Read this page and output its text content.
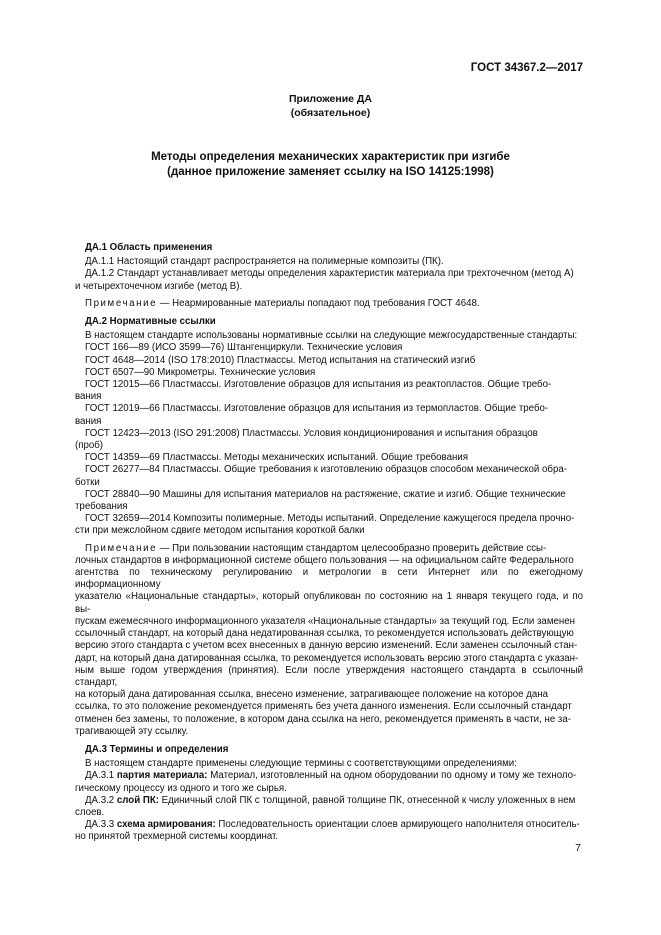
ГОСТ 34367.2—2017
Приложение ДА
(обязательное)
Методы определения механических характеристик при изгибе
(данное приложение заменяет ссылку на ISO 14125:1998)

ДА.1 Область применения

ДА.1.1 Настоящий стандарт распространяется на полимерные композиты (ПК).

ДА.1.2 Стандарт устанавливает методы определения характеристик материала при трехточечном (метод А)

и четырехточечном изгибе (метод В).

Примечание — Неармированные материалы попадают под требования ГОСТ 4648.

ДА.2 Нормативные ссылки

В настоящем стандарте использованы нормативные ссылки на следующие межгосударственные стандарты:

ГОСТ 166—89 (ИСО 3599—76) Штангенциркули. Технические условия

ГОСТ 4648—2014 (ISO 178:2010) Пластмассы. Метод испытания на статический изгиб

ГОСТ 6507—90 Микрометры. Технические условия

ГОСТ 12015—66 Пластмассы. Изготовление образцов для испытания из реактопластов. Общие требо-

вания

ГОСТ 12019—66 Пластмассы. Изготовление образцов для испытания из термопластов. Общие требо-

вания

ГОСТ 12423—2013 (ISO 291:2008) Пластмассы. Условия кондиционирования и испытания образцов

(проб)

ГОСТ 14359—69 Пластмассы. Методы механических испытаний. Общие требования

ГОСТ 26277—84 Пластмассы. Общие требования к изготовлению образцов способом механической обра-

ботки

ГОСТ 28840—90 Машины для испытания материалов на растяжение, сжатие и изгиб. Общие технические

требования

ГОСТ 32659—2014 Композиты полимерные. Методы испытаний. Определение кажущегося предела прочно-

сти при межслойном сдвиге методом испытания короткой балки

Примечание — При пользовании настоящим стандартом целесообразно проверить действие ссы-
лочных стандартов в информационной системе общего пользования — на официальном сайте Федерального
агентства по техническому регулированию и метрологии в сети Интернет или по ежегодному информационному
указателю «Национальные стандарты», который опубликован по состоянию на 1 января текущего года, и по вы-
пускам ежемесячного информационного указателя «Национальные стандарты» за текущий год. Если заменен
ссылочный стандарт, на который дана недатированная ссылка, то рекомендуется использовать действующую
версию этого стандарта с учетом всех внесенных в данную версию изменений. Если заменен ссылочный стан-
дарт, на который дана датированная ссылка, то рекомендуется использовать версию этого стандарта с указан-
ным выше годом утверждения (принятия). Если после утверждения настоящего стандарта в ссылочный стандарт,
на который дана датированная ссылка, внесено изменение, затрагивающее положение на которое дана
ссылка, то это положение рекомендуется применять без учета данного изменения. Если ссылочный стандарт
отменен без замены, то положение, в котором дана ссылка на него, рекомендуется применять в части, не за-
трагивающей эту ссылку.

ДА.3 Термины и определения

В настоящем стандарте применены следующие термины с соответствующими определениями:

ДА.3.1 партия материала: Материал, изготовленный на одном оборудовании по одному и тому же техноло-

гическому процессу из одного и того же сырья.

ДА.3.2 слой ПК: Единичный слой ПК с толщиной, равной толщине ПК, отнесенной к числу уложенных в нем

слоев.

ДА.3.3 схема армирования: Последовательность ориентации слоев армирующего наполнителя относитель-

но принятой трехмерной системы координат.

7
